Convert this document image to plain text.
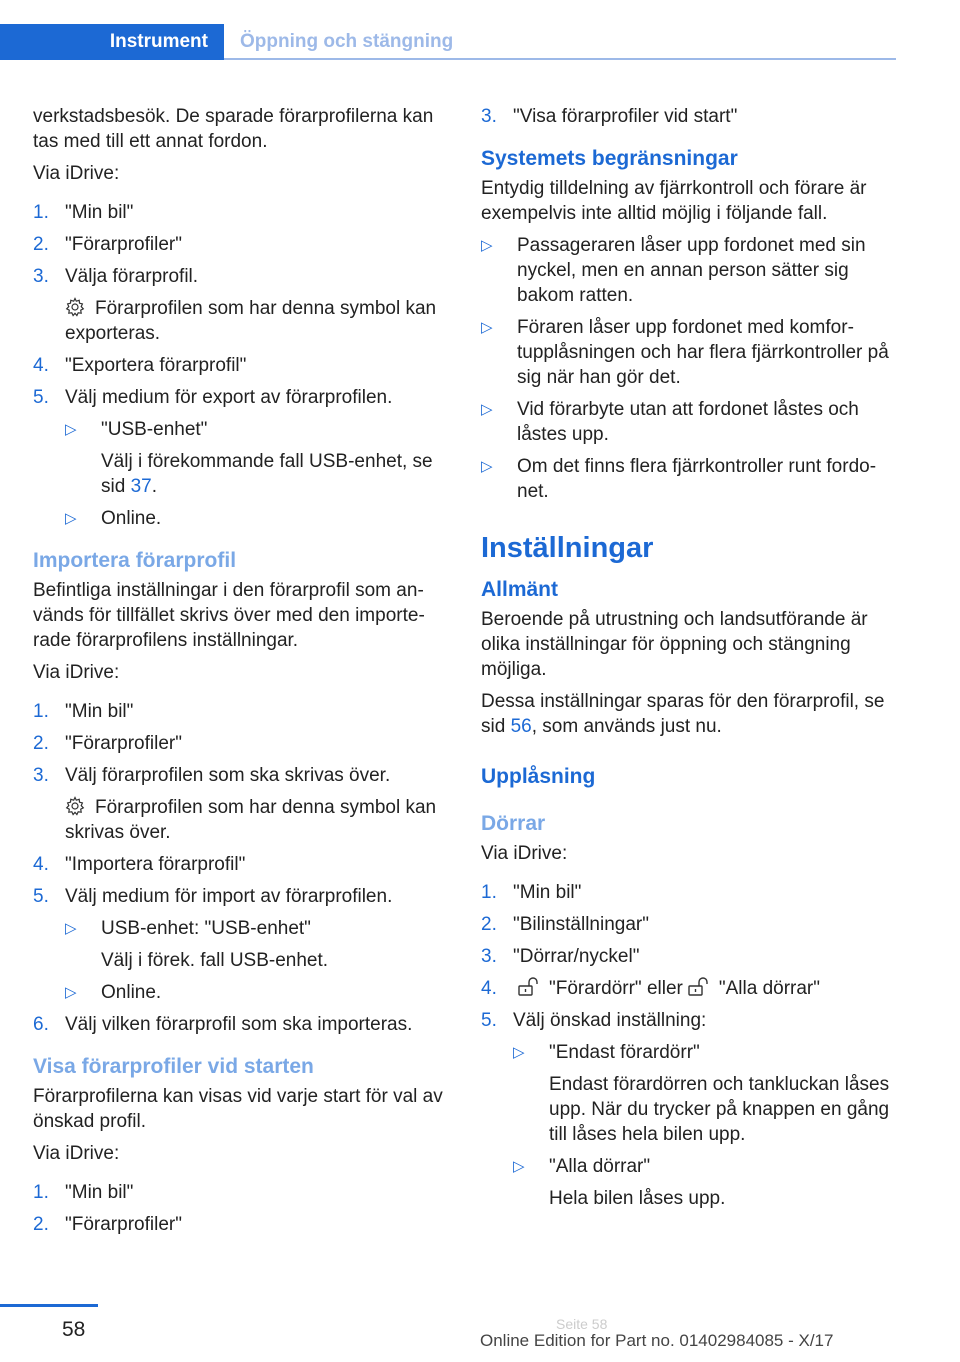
Instrument	Öppning och stängning

verkstadsbesök. De sparade förarprofilerna kan tas med till ett annat fordon.

Via iDrive:

1. "Min bil"
2. "Förarprofiler"
3. Välja förarprofil.

Förarprofilen som har denna symbol kan exporteras.

4. "Exportera förarprofil"
5. Välj medium för export av förarprofilen.
▷	"USB-enhet"

Välj i förekommande fall USB-enhet, se sid 37.

▷	Online.
Importera förarprofil

Befintliga inställningar i den förarprofil som används för tillfället skrivs över med den importerade förarprofilens inställningar.

Via iDrive:

1. "Min bil"
2. "Förarprofiler"
3. Välj förarprofilen som ska skrivas över.

Förarprofilen som har denna symbol kan skrivas över.

4. "Importera förarprofil"
5. Välj medium för import av förarprofilen.
▷	USB-enhet: "USB-enhet"

Välj i förek. fall USB-enhet.

▷	Online.
6. Välj vilken förarprofil som ska importeras.
Visa förarprofiler vid starten

Förarprofilerna kan visas vid varje start för val av önskad profil.

Via iDrive:

1. "Min bil"
2. "Förarprofiler"
3. "Visa förarprofiler vid start"
Systemets begränsningar

Entydig tilldelning av fjärrkontroll och förare är exempelvis inte alltid möjlig i följande fall.

▷	Passageraren låser upp fordonet med sin nyckel, men en annan person sätter sig bakom ratten.
▷	Föraren låser upp fordonet med komfortupplåsningen och har flera fjärrkontroller på sig när han gör det.
▷	Vid förarbyte utan att fordonet låstes och låstes upp.
▷	Om det finns flera fjärrkontroller runt fordonet.
Inställningar
Allmänt

Beroende på utrustning och landsutförande är olika inställningar för öppning och stängning möjliga.

Dessa inställningar sparas för den förarprofil, se sid 56, som används just nu.

Upplåsning
Dörrar

Via iDrive:

1. "Min bil"
2. "Bilinställningar"
3. "Dörrar/nyckel"
4.	"Förardörr" eller "Alla dörrar"
5. Välj önskad inställning:
▷	"Endast förardörr"

Endast förardörren och tankluckan låses upp. När du trycker på knappen en gång till låses hela bilen upp.

▷	"Alla dörrar"

Hela bilen låses upp.

58	Seite 58
Online Edition for Part no. 01402984085 - X/17
